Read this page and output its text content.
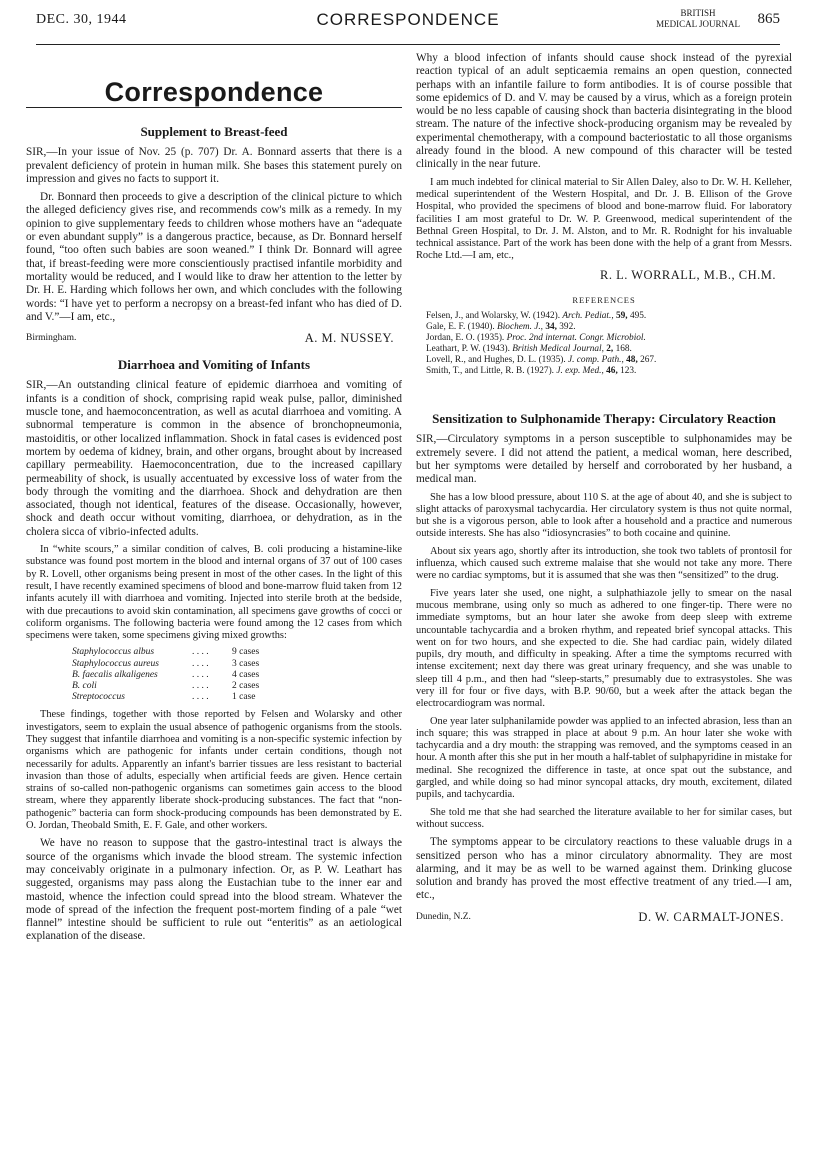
DEC. 30, 1944	CORRESPONDENCE	BRITISH
MEDICAL JOURNAL 865
Correspondence
Supplement to Breast-feed

SIR,—In your issue of Nov. 25 (p. 707) Dr. A. Bonnard asserts that there is a prevalent deficiency of protein in human milk. She bases this statement purely on impression and gives no facts to support it.

Dr. Bonnard then proceeds to give a description of the clinical picture to which the alleged deficiency gives rise, and recommends cow's milk as a remedy. In my opinion to give supplementary feeds to children whose mothers have an “adequate or even abundant supply” is a dangerous practice, because, as Dr. Bonnard herself found, “too often such babies are soon weaned.” I think Dr. Bonnard will agree that, if breast-feeding were more conscientiously practised infantile morbidity and mortality would be reduced, and I would like to draw her attention to the letter by Dr. H. E. Harding which follows her own, and which concludes with the following words: “I have yet to perform a necropsy on a breast-fed infant who has died of D. and V.”—I am, etc.,

Birmingham.	A. M. NUSSEY.
Diarrhoea and Vomiting of Infants

SIR,—An outstanding clinical feature of epidemic diarrhoea and vomiting of infants is a condition of shock, comprising rapid weak pulse, pallor, diminished muscle tone, and haemoconcentration, as well as acutal diarrhoea and vomiting. A subnormal temperature is common in the absence of bronchopneumonia, mastoiditis, or other localized inflammation. Shock in fatal cases is evidenced post mortem by oedema of kidney, brain, and other organs, brought about by increased capillary permeability. Haemoconcentration, due to the increased capillary permeability of shock, is usually accentuated by excessive loss of water from the body through the vomiting and the diarrhoea. Shock and dehydration are then associated, though not identical, features of the disease. Occasionally, however, shock and death occur without vomiting, diarrhoea, or dehydration, as in the cholera sicca of vibrio-infected adults.

In “white scours,” a similar condition of calves, B. coli producing a histamine-like substance was found post mortem in the blood and internal organs of 37 out of 100 cases by R. Lovell, other organisms being present in most of the other cases. In the light of this result, I have recently examined specimens of blood and bone-marrow fluid taken from 12 infants acutely ill with diarrhoea and vomiting. Injected into sterile broth at the bedside, with due precautions to avoid skin contamination, all specimens gave growths of cocci or coliform organisms. The following bacteria were found among the 12 cases from which specimens were taken, some specimens giving mixed growths:

Staphylococcus albus	. . . .	9 cases
Staphylococcus aureus	. . . .	3 cases
B. faecalis alkaligenes	. . . .	4 cases
B. coli	. . . .	2 cases
Streptococcus	. . . .	1 case

These findings, together with those reported by Felsen and Wolarsky and other investigators, seem to explain the usual absence of pathogenic organisms from the stools. They suggest that infantile diarrhoea and vomiting is a non-specific systemic infection by organisms which are pathogenic for infants under certain conditions, though not necessarily for adults. Apparently an infant's barrier tissues are less resistant to bacterial invasion than those of adults, especially when artificial feeds are given. Hence certain strains of so-called non-pathogenic organisms can sometimes gain access to the blood stream, where they apparently liberate shock-producing substances. The fact that “non-pathogenic” bacteria can form shock-producing compounds has been demonstrated by E. O. Jordan, Theobald Smith, E. F. Gale, and other workers.

We have no reason to suppose that the gastro-intestinal tract is always the source of the organisms which invade the blood stream. The systemic infection may conceivably originate in a pulmonary infection. Or, as P. W. Leathart has suggested, organisms may pass along the Eustachian tube to the inner ear and mastoid, whence the infection could spread into the blood stream. Whatever the mode of spread of the infection the frequent post-mortem finding of a pale “wet flannel” intestine should be sufficient to rule out “enteritis” as an aetiological explanation of the disease.

Why a blood infection of infants should cause shock instead of the pyrexial reaction typical of an adult septicaemia remains an open question, connected perhaps with an infantile failure to form antibodies. It is of course possible that some epidemics of D. and V. may be caused by a virus, which as a foreign protein would be no less capable of causing shock than bacteria disintegrating in the blood stream. The nature of the infective shock-producing organism may be revealed by experimental chemotherapy, with a compound bacteriostatic to all those organisms already found in the blood. A new compound of this character will be tested clinically in the near future.

I am much indebted for clinical material to Sir Allen Daley, also to Dr. W. H. Kelleher, medical superintendent of the Western Hospital, and Dr. J. B. Ellison of the Grove Hospital, who provided the specimens of blood and bone-marrow fluid. For laboratory facilities I am most grateful to Dr. W. P. Greenwood, medical superintendent of the Bethnal Green Hospital, to Dr. J. M. Alston, and to Mr. R. Rodnight for his invaluable technical assistance. Part of the work has been done with the help of a grant from Messrs. Roche Ltd.—I am, etc.,

R. L. WORRALL, M.B., CH.M.
REFERENCES
Felsen, J., and Wolarsky, W. (1942). Arch. Pediat., 59, 495.
Gale, E. F. (1940). Biochem. J., 34, 392.
Jordan, E. O. (1935). Proc. 2nd internat. Congr. Microbiol.
Leathart, P. W. (1943). British Medical Journal, 2, 168.
Lovell, R., and Hughes, D. L. (1935). J. comp. Path., 48, 267.
Smith, T., and Little, R. B. (1927). J. exp. Med., 46, 123.
Sensitization to Sulphonamide Therapy: Circulatory Reaction

SIR,—Circulatory symptoms in a person susceptible to sulphonamides may be extremely severe. I did not attend the patient, a medical woman, here described, but her symptoms were detailed by herself and corroborated by her husband, a medical man.

She has a low blood pressure, about 110 S. at the age of about 40, and she is subject to slight attacks of paroxysmal tachycardia. Her circulatory system is thus not quite normal, but she is a vigorous person, able to look after a household and a practice and numerous outside interests. She has also “idiosyncrasies” to both cocaine and quinine.

About six years ago, shortly after its introduction, she took two tablets of prontosil for influenza, which caused such extreme malaise that she would not take any more. There were no cardiac symptoms, but it is assumed that she was then “sensitized” to the drug.

Five years later she used, one night, a sulphathiazole jelly to smear on the nasal mucous membrane, using only so much as adhered to one finger-tip. There were no immediate symptoms, but an hour later she awoke from deep sleep with extreme uncountable tachycardia and a broken rhythm, and repeated brief syncopal attacks. This went on for two hours, and she expected to die. She had cardiac pain, widely dilated pupils, dry mouth, and difficulty in speaking. After a time the symptoms recurred with intense excitement; next day there was great urinary frequency, and she was unable to sleep till 4 p.m., and then had “sleep-starts,” presumably due to extrasystoles. She was very ill for four or five days, with B.P. 90/60, but a week after the attack began the electrocardiogram was normal.

One year later sulphanilamide powder was applied to an infected abrasion, less than an inch square; this was strapped in place at about 9 p.m. An hour later she woke with tachycardia and a dry mouth: the strapping was removed, and the symptoms ceased in an hour. A month after this she put in her mouth a half-tablet of sulphapyridine in mistake for medinal. She recognized the difference in taste, at once spat out the substance, and gargled, and while doing so had minor syncopal attacks, dry mouth, excitement, dilated pupils, and tachycardia.

She told me that she had searched the literature available to her for similar cases, but without success.

The symptoms appear to be circulatory reactions to these valuable drugs in a sensitized person who has a minor circulatory abnormality. They are most alarming, and it may be as well to be warned against them. Drinking glucose solution and brandy has proved the most effective treatment of any tried.—I am, etc.,

Dunedin, N.Z.	D. W. CARMALT-JONES.
